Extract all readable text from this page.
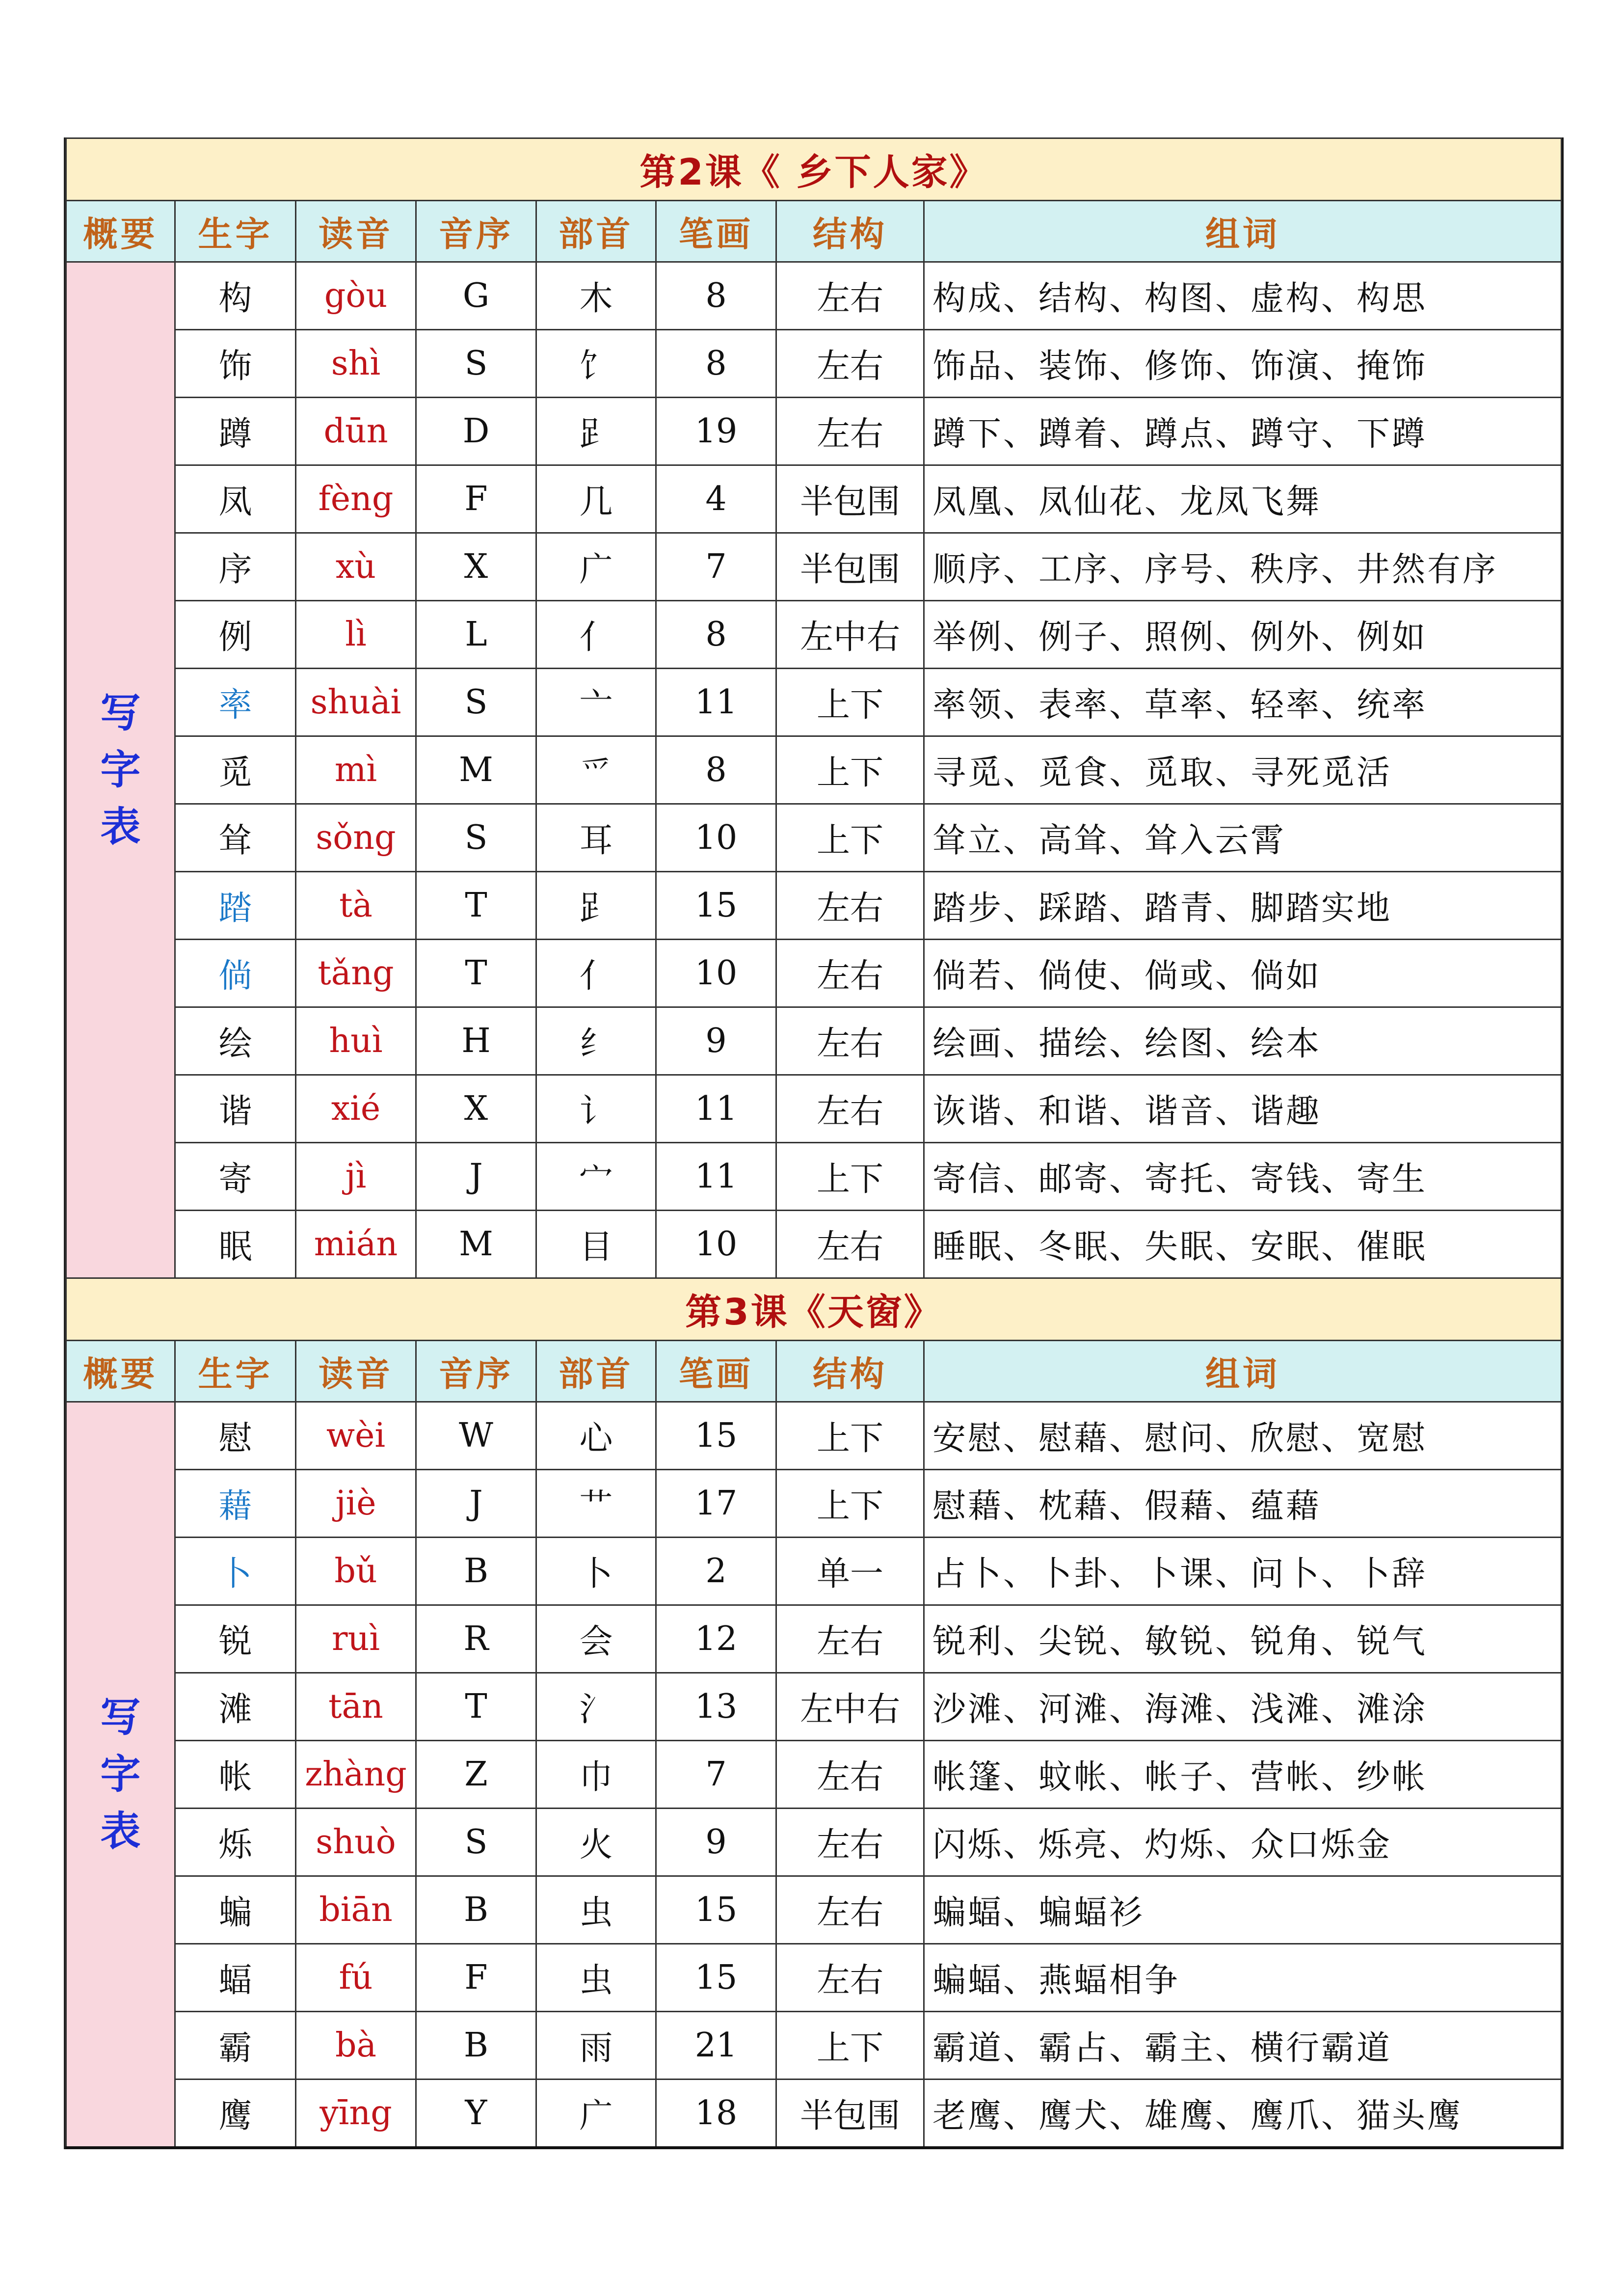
第2课《 乡下人家》							
概要	生字	读音	音序	部首	笔画	结构	组词
写字表	构	gòu	G	木	8	左右	构成、结构、构图、虚构、构思
	饰	shì	S	饣	8	左右	饰品、装饰、修饰、饰演、掩饰
	蹲	dūn	D	𧾷	19	左右	蹲下、蹲着、蹲点、蹲守、下蹲
	凤	fèng	F	几	4	半包围	凤凰、凤仙花、龙凤飞舞
	序	xù	X	广	7	半包围	顺序、工序、序号、秩序、井然有序
	例	lì	L	亻	8	左中右	举例、例子、照例、例外、例如
	率	shuài	S	亠	11	上下	率领、表率、草率、轻率、统率
	觅	mì	M	爫	8	上下	寻觅、觅食、觅取、寻死觅活
	耸	sǒng	S	耳	10	上下	耸立、高耸、耸入云霄
	踏	tà	T	𧾷	15	左右	踏步、踩踏、踏青、脚踏实地
	倘	tǎng	T	亻	10	左右	倘若、倘使、倘或、倘如
	绘	huì	H	纟	9	左右	绘画、描绘、绘图、绘本
	谐	xié	X	讠	11	左右	诙谐、和谐、谐音、谐趣
	寄	jì	J	宀	11	上下	寄信、邮寄、寄托、寄钱、寄生
	眠	mián	M	目	10	左右	睡眠、冬眠、失眠、安眠、催眠
第3课《天窗》							
概要	生字	读音	音序	部首	笔画	结构	组词
写字表	慰	wèi	W	心	15	上下	安慰、慰藉、慰问、欣慰、宽慰
	藉	jiè	J	艹	17	上下	慰藉、枕藉、假藉、蕴藉
	卜	bǔ	B	卜	2	单一	占卜、卜卦、卜课、问卜、卜辞
	锐	ruì	R	会	12	左右	锐利、尖锐、敏锐、锐角、锐气
	滩	tān	T	氵	13	左中右	沙滩、河滩、海滩、浅滩、滩涂
	帐	zhàng	Z	巾	7	左右	帐篷、蚊帐、帐子、营帐、纱帐
	烁	shuò	S	火	9	左右	闪烁、烁亮、灼烁、众口烁金
	蝙	biān	B	虫	15	左右	蝙蝠、蝙蝠衫
	蝠	fú	F	虫	15	左右	蝙蝠、燕蝠相争
	霸	bà	B	雨	21	上下	霸道、霸占、霸主、横行霸道
	鹰	yīng	Y	广	18	半包围	老鹰、鹰犬、雄鹰、鹰爪、猫头鹰
